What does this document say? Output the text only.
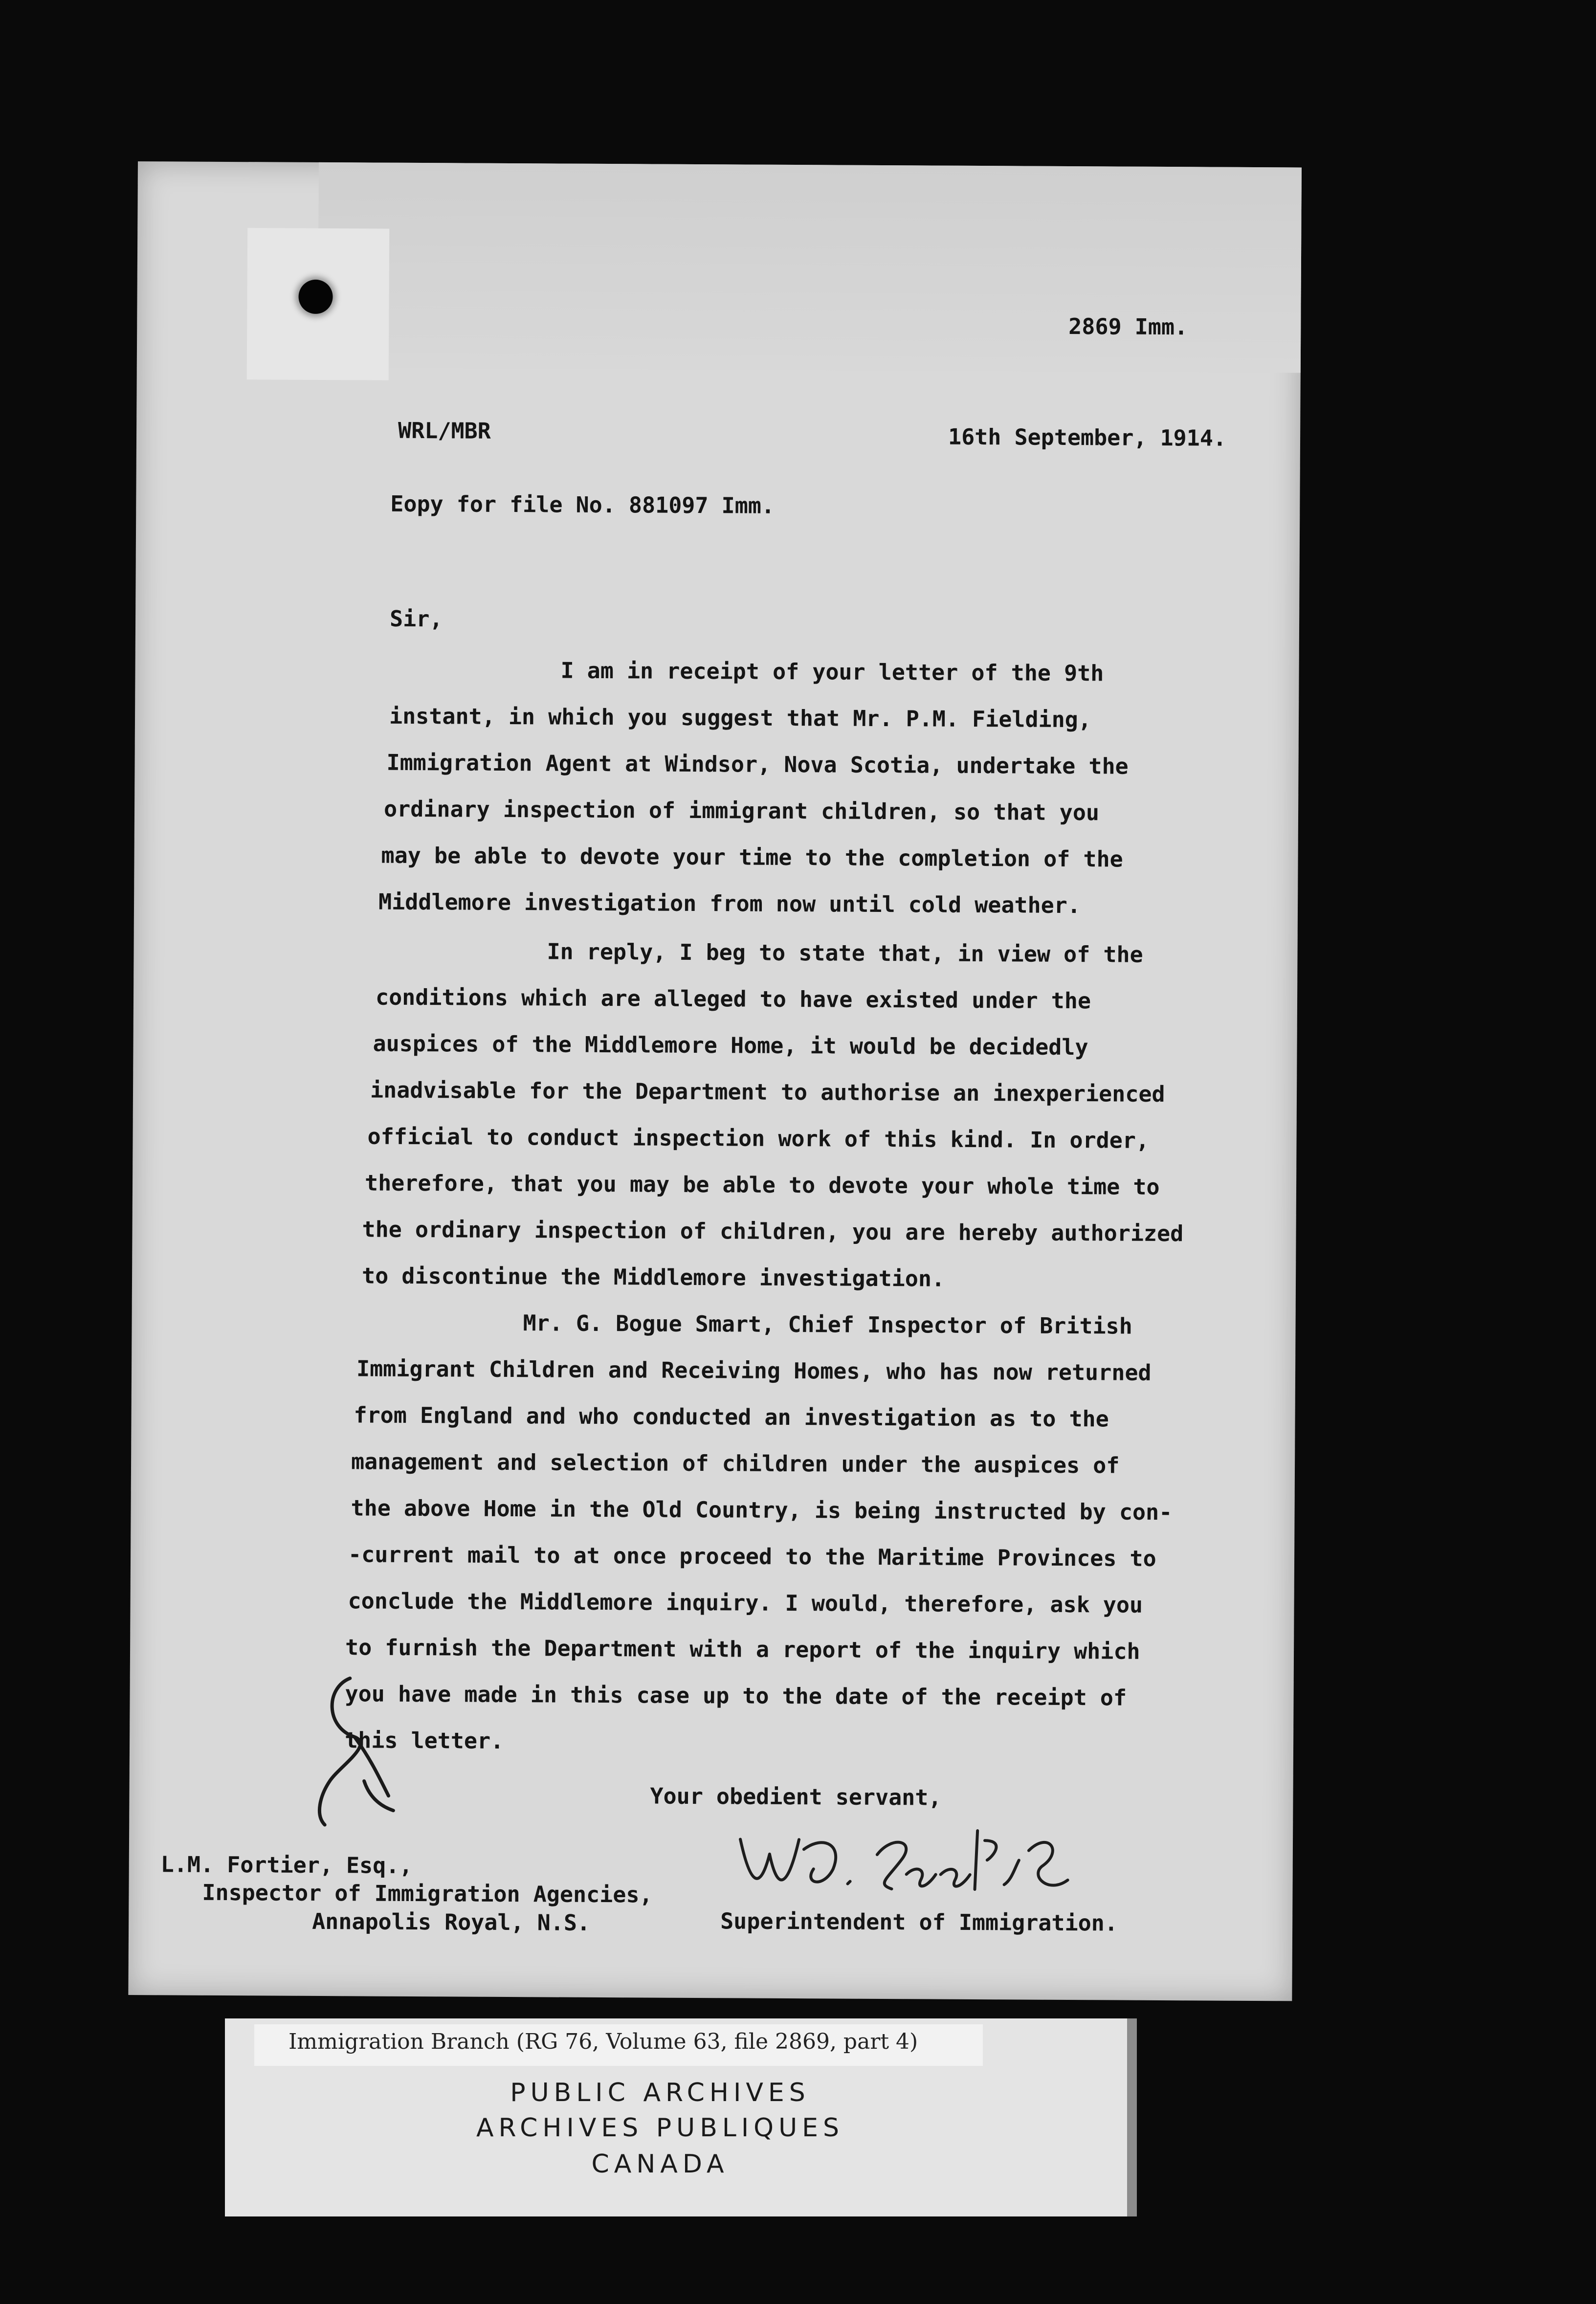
2869 Imm.
WRL/MBR	16th September, 1914.
Eopy for file No. 881097 Imm.
Sir,
I am in receipt of your letter of the 9th
instant, in which you suggest that Mr. P.M. Fielding,
Immigration Agent at Windsor, Nova Scotia, undertake the
ordinary inspection of immigrant children, so that you
may be able to devote your time to the completion of the
Middlemore investigation from now until cold weather.
In reply, I beg to state that, in view of the
conditions which are alleged to have existed under the
auspices of the Middlemore Home, it would be decidedly
inadvisable for the Department to authorise an inexperienced
official to conduct inspection work of this kind. In order,
therefore, that you may be able to devote your whole time to
the ordinary inspection of children, you are hereby authorized
to discontinue the Middlemore investigation.
Mr. G. Bogue Smart, Chief Inspector of British
Immigrant Children and Receiving Homes, who has now returned
from England and who conducted an investigation as to the
management and selection of children under the auspices of
the above Home in the Old Country, is being instructed by con-
-current mail to at once proceed to the Maritime Provinces to
conclude the Middlemore inquiry. I would, therefore, ask you
to furnish the Department with a report of the inquiry which
you have made in this case up to the date of the receipt of
this letter.
Your obedient servant,
L.M. Fortier, Esq.,
Inspector of Immigration Agencies,
Annapolis Royal, N.S.	Superintendent of Immigration.
Immigration Branch (RG 76, Volume 63, file 2869, part 4)
PUBLIC ARCHIVES
ARCHIVES PUBLIQUES
CANADA
